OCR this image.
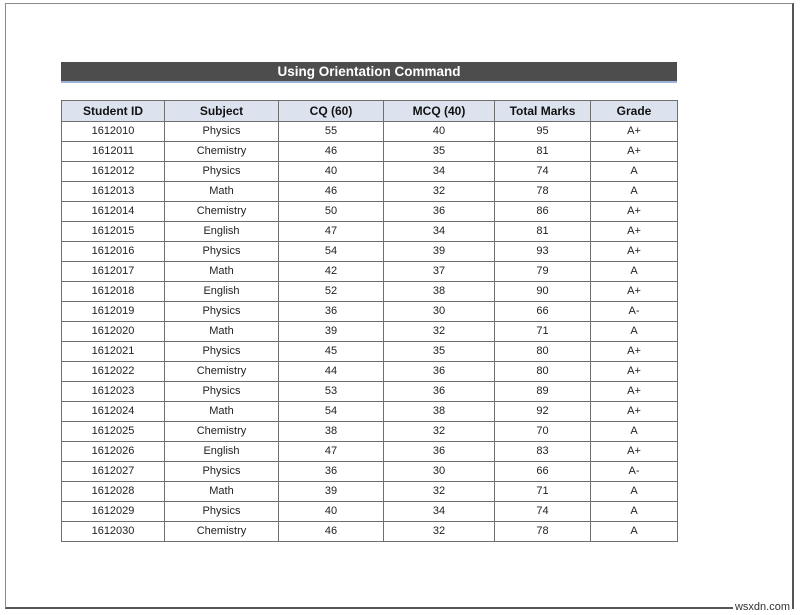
Using Orientation Command
Student ID	Subject	CQ (60)	MCQ (40)	Total Marks	Grade
1612010	Physics	55	40	95	A+
1612011	Chemistry	46	35	81	A+
1612012	Physics	40	34	74	A
1612013	Math	46	32	78	A
1612014	Chemistry	50	36	86	A+
1612015	English	47	34	81	A+
1612016	Physics	54	39	93	A+
1612017	Math	42	37	79	A
1612018	English	52	38	90	A+
1612019	Physics	36	30	66	A-
1612020	Math	39	32	71	A
1612021	Physics	45	35	80	A+
1612022	Chemistry	44	36	80	A+
1612023	Physics	53	36	89	A+
1612024	Math	54	38	92	A+
1612025	Chemistry	38	32	70	A
1612026	English	47	36	83	A+
1612027	Physics	36	30	66	A-
1612028	Math	39	32	71	A
1612029	Physics	40	34	74	A
1612030	Chemistry	46	32	78	A
wsxdn.com
